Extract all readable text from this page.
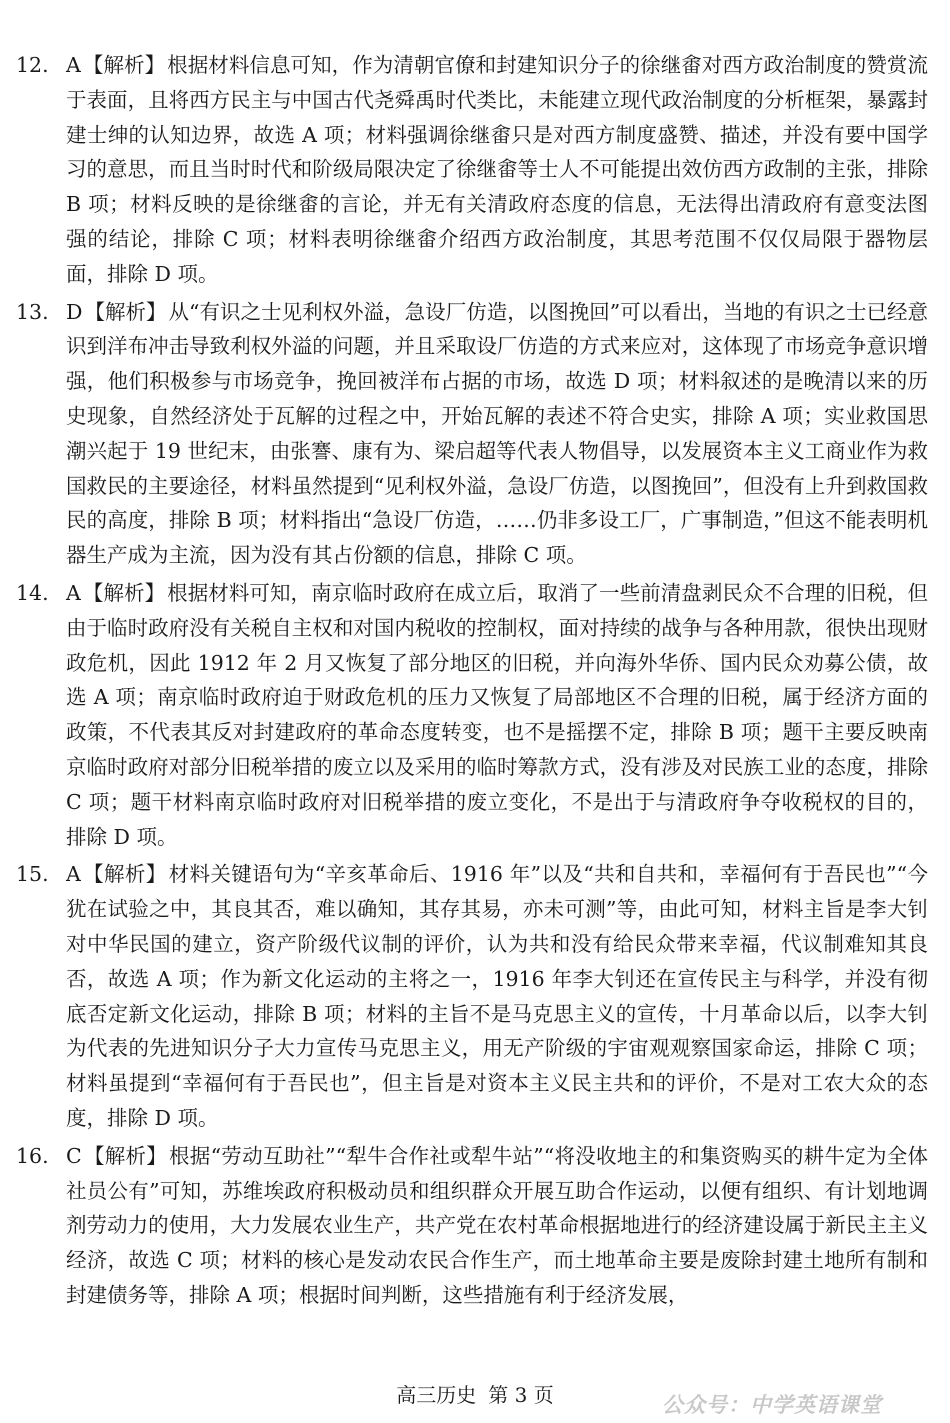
12. A【解析】根据材料信息可知，作为清朝官僚和封建知识分子的徐继畬对西方政治制度的赞赏流于表面，且将西方民主与中国古代尧舜禹时代类比，未能建立现代政治制度的分析框架，暴露封建士绅的认知边界，故选 A 项；材料强调徐继畬只是对西方制度盛赞、描述，并没有要中国学习的意思，而且当时时代和阶级局限决定了徐继畬等士人不可能提出效仿西方政制的主张，排除 B 项；材料反映的是徐继畬的言论，并无有关清政府态度的信息，无法得出清政府有意变法图强的结论，排除 C 项；材料表明徐继畬介绍西方政治制度，其思考范围不仅仅局限于器物层面，排除 D 项。
13. D【解析】从“有识之士见利权外溢，急设厂仿造，以图挽回”可以看出，当地的有识之士已经意识到洋布冲击导致利权外溢的问题，并且采取设厂仿造的方式来应对，这体现了市场竞争意识增强，他们积极参与市场竞争，挽回被洋布占据的市场，故选 D 项；材料叙述的是晚清以来的历史现象，自然经济处于瓦解的过程之中，开始瓦解的表述不符合史实，排除 A 项；实业救国思潮兴起于 19 世纪末，由张謇、康有为、梁启超等代表人物倡导，以发展资本主义工商业作为救国救民的主要途径，材料虽然提到“见利权外溢，急设厂仿造，以图挽回”，但没有上升到救国救民的高度，排除 B 项；材料指出“急设厂仿造，……仍非多设工厂，广事制造，”但这不能表明机器生产成为主流，因为没有其占份额的信息，排除 C 项。
14. A【解析】根据材料可知，南京临时政府在成立后，取消了一些前清盘剥民众不合理的旧税，但由于临时政府没有关税自主权和对国内税收的控制权，面对持续的战争与各种用款，很快出现财政危机，因此 1912 年 2 月又恢复了部分地区的旧税，并向海外华侨、国内民众劝募公债，故选 A 项；南京临时政府迫于财政危机的压力又恢复了局部地区不合理的旧税，属于经济方面的政策，不代表其反对封建政府的革命态度转变，也不是摇摆不定，排除 B 项；题干主要反映南京临时政府对部分旧税举措的废立以及采用的临时筹款方式，没有涉及对民族工业的态度，排除 C 项；题干材料南京临时政府对旧税举措的废立变化，不是出于与清政府争夺收税权的目的，排除 D 项。
15. A【解析】材料关键语句为“辛亥革命后、1916 年”以及“共和自共和，幸福何有于吾民也”“今犹在试验之中，其良其否，难以确知，其存其易，亦未可测”等，由此可知，材料主旨是李大钊对中华民国的建立，资产阶级代议制的评价，认为共和没有给民众带来幸福，代议制难知其良否，故选 A 项；作为新文化运动的主将之一，1916 年李大钊还在宣传民主与科学，并没有彻底否定新文化运动，排除 B 项；材料的主旨不是马克思主义的宣传，十月革命以后，以李大钊为代表的先进知识分子大力宣传马克思主义，用无产阶级的宇宙观观察国家命运，排除 C 项；材料虽提到“幸福何有于吾民也”，但主旨是对资本主义民主共和的评价，不是对工农大众的态度，排除 D 项。
16. C【解析】根据“劳动互助社”“犁牛合作社或犁牛站”“将没收地主的和集资购买的耕牛定为全体社员公有”可知，苏维埃政府积极动员和组织群众开展互助合作运动，以便有组织、有计划地调剂劳动力的使用，大力发展农业生产，共产党在农村革命根据地进行的经济建设属于新民主主义经济，故选 C 项；材料的核心是发动农民合作生产，而土地革命主要是废除封建土地所有制和封建债务等，排除 A 项；根据时间判断，这些措施有利于经济发展，
高三历史 第 3 页	公众号：中学英语课堂
